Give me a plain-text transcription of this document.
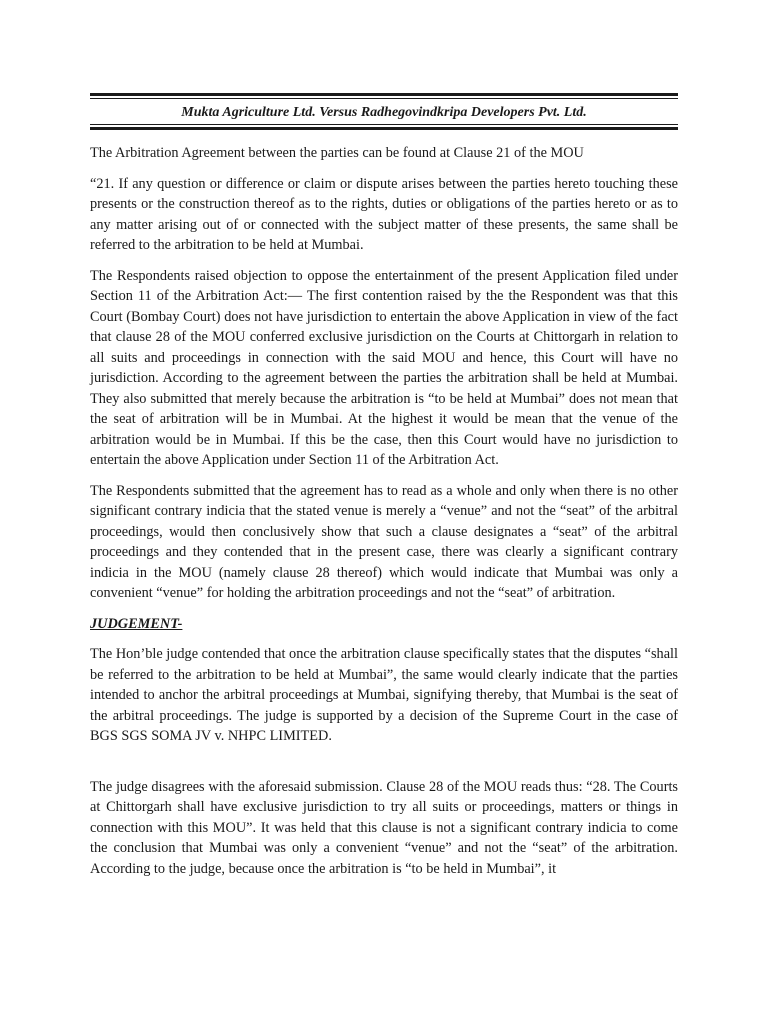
Mukta Agriculture Ltd. Versus Radhegovindkripa Developers Pvt. Ltd.

The Arbitration Agreement between the parties can be found at Clause 21 of the MOU

“21. If any question or difference or claim or dispute arises between the parties hereto touching these presents or the construction thereof as to the rights, duties or obligations of the parties hereto or as to any matter arising out of or connected with the subject matter of these presents, the same shall be referred to the arbitration to be held at Mumbai.

The Respondents raised objection to oppose the entertainment of the present Application filed under Section 11 of the Arbitration Act:— The first contention raised by the the Respondent was that this Court (Bombay Court) does not have jurisdiction to entertain the above Application in view of the fact that clause 28 of the MOU conferred exclusive jurisdiction on the Courts at Chittorgarh in relation to all suits and proceedings in connection with the said MOU and hence, this Court will have no jurisdiction. According to the agreement between the parties the arbitration shall be held at Mumbai. They also submitted that merely because the arbitration is “to be held at Mumbai” does not mean that the seat of arbitration will be in Mumbai. At the highest it would be mean that the venue of the arbitration would be in Mumbai. If this be the case, then this Court would have no jurisdiction to entertain the above Application under Section 11 of the Arbitration Act.

The Respondents submitted that the agreement has to read as a whole and only when there is no other significant contrary indicia that the stated venue is merely a “venue” and not the “seat” of the arbitral proceedings, would then conclusively show that such a clause designates a “seat” of the arbitral proceedings and they contended that in the present case, there was clearly a significant contrary indicia in the MOU (namely clause 28 thereof) which would indicate that Mumbai was only a convenient “venue” for holding the arbitration proceedings and not the “seat” of arbitration.

JUDGEMENT-

The Hon’ble judge contended that once the arbitration clause specifically states that the disputes “shall be referred to the arbitration to be held at Mumbai”, the same would clearly indicate that the parties intended to anchor the arbitral proceedings at Mumbai, signifying thereby, that Mumbai is the seat of the arbitral proceedings. The judge is supported by a decision of the Supreme Court in the case of BGS SGS SOMA JV v. NHPC LIMITED.

The judge disagrees with the aforesaid submission. Clause 28 of the MOU reads thus: “28. The Courts at Chittorgarh shall have exclusive jurisdiction to try all suits or proceedings, matters or things in connection with this MOU”. It was held that this clause is not a significant contrary indicia to come the conclusion that Mumbai was only a convenient “venue” and not the “seat” of the arbitration. According to the judge, because once the arbitration is “to be held in Mumbai”, it
